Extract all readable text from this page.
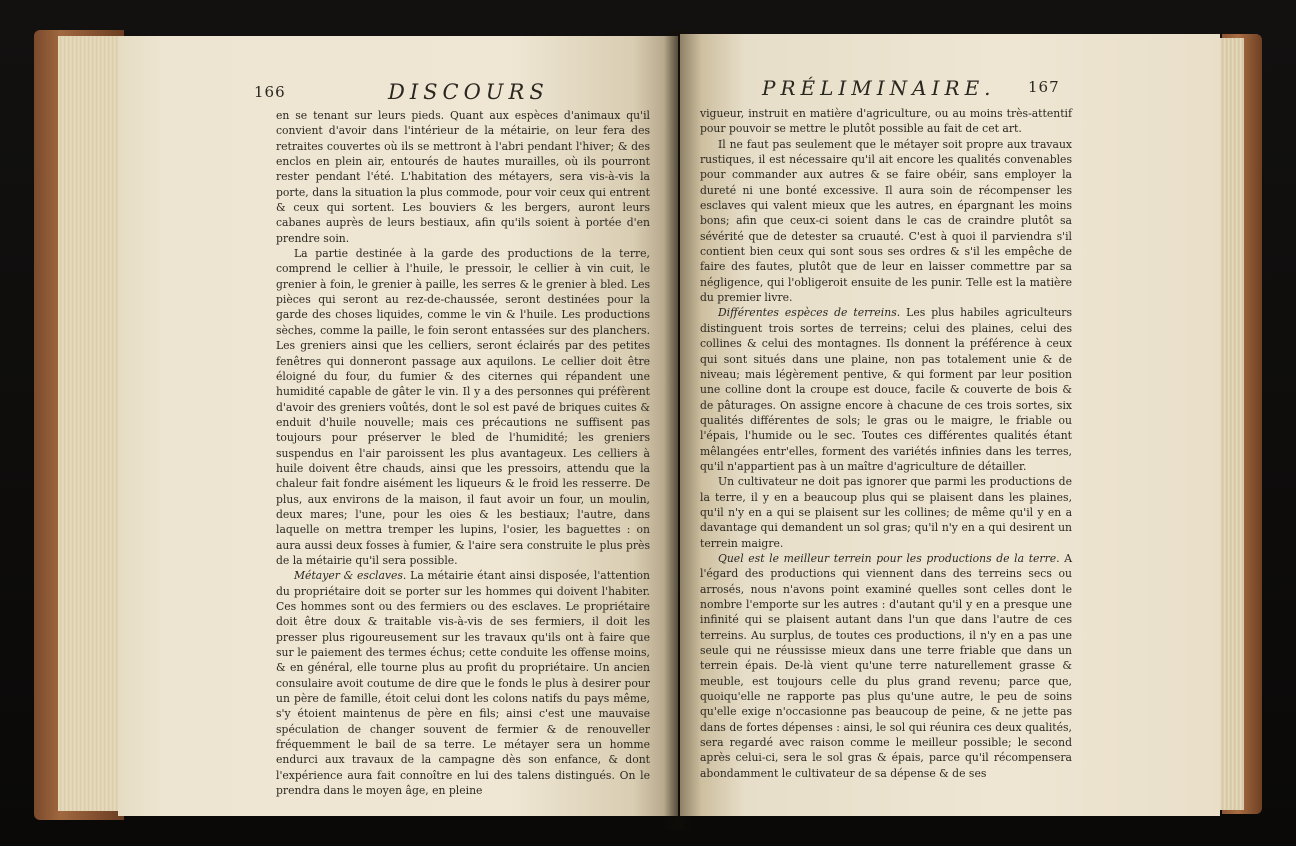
166	DISCOURS

en se tenant sur leurs pieds. Quant aux espèces d'animaux qu'il convient d'avoir dans l'intérieur de la métairie, on leur fera des retraites couvertes où ils se mettront à l'abri pendant l'hiver; & des enclos en plein air, entourés de hautes murailles, où ils pourront rester pendant l'été. L'habitation des métayers, sera vis-à-vis la porte, dans la situation la plus commode, pour voir ceux qui entrent & ceux qui sortent. Les bouviers & les bergers, auront leurs cabanes auprès de leurs bestiaux, afin qu'ils soient à portée d'en prendre soin.

La partie destinée à la garde des productions de la terre, comprend le cellier à l'huile, le pressoir, le cellier à vin cuit, le grenier à foin, le grenier à paille, les serres & le grenier à bled. Les pièces qui seront au rez-de-chaussée, seront destinées pour la garde des choses liquides, comme le vin & l'huile. Les productions sèches, comme la paille, le foin seront entassées sur des planchers. Les greniers ainsi que les celliers, seront éclairés par des petites fenêtres qui donneront passage aux aquilons. Le cellier doit être éloigné du four, du fumier & des citernes qui répandent une humidité capable de gâter le vin. Il y a des personnes qui préfèrent d'avoir des greniers voûtés, dont le sol est pavé de briques cuites & enduit d'huile nouvelle; mais ces précautions ne suffisent pas toujours pour préserver le bled de l'humidité; les greniers suspendus en l'air paroissent les plus avantageux. Les celliers à huile doivent être chauds, ainsi que les pressoirs, attendu que la chaleur fait fondre aisément les liqueurs & le froid les resserre. De plus, aux environs de la maison, il faut avoir un four, un moulin, deux mares; l'une, pour les oies & les bestiaux; l'autre, dans laquelle on mettra tremper les lupins, l'osier, les baguettes : on aura aussi deux fosses à fumier, & l'aire sera construite le plus près de la métairie qu'il sera possible.

Métayer & esclaves. La métairie étant ainsi disposée, l'attention du propriétaire doit se porter sur les hommes qui doivent l'habiter. Ces hommes sont ou des fermiers ou des esclaves. Le propriétaire doit être doux & traitable vis-à-vis de ses fermiers, il doit les presser plus rigoureusement sur les travaux qu'ils ont à faire que sur le paiement des termes échus; cette conduite les offense moins, & en général, elle tourne plus au profit du propriétaire. Un ancien consulaire avoit coutume de dire que le fonds le plus à desirer pour un père de famille, étoit celui dont les colons natifs du pays même, s'y étoient maintenus de père en fils; ainsi c'est une mauvaise spéculation de changer souvent de fermier & de renouveller fréquemment le bail de sa terre. Le métayer sera un homme endurci aux travaux de la campagne dès son enfance, & dont l'expérience aura fait connoître en lui des talens distingués. On le prendra dans le moyen âge, en pleine

PRÉLIMINAIRE. 167

vigueur, instruit en matière d'agriculture, ou au moins très-attentif pour pouvoir se mettre le plutôt possible au fait de cet art.

Il ne faut pas seulement que le métayer soit propre aux travaux rustiques, il est nécessaire qu'il ait encore les qualités convenables pour commander aux autres & se faire obéir, sans employer la dureté ni une bonté excessive. Il aura soin de récompenser les esclaves qui valent mieux que les autres, en épargnant les moins bons; afin que ceux-ci soient dans le cas de craindre plutôt sa sévérité que de detester sa cruauté. C'est à quoi il parviendra s'il contient bien ceux qui sont sous ses ordres & s'il les empêche de faire des fautes, plutôt que de leur en laisser commettre par sa négligence, qui l'obligeroit ensuite de les punir. Telle est la matière du premier livre.

Différentes espèces de terreins. Les plus habiles agriculteurs distinguent trois sortes de terreins; celui des plaines, celui des collines & celui des montagnes. Ils donnent la préférence à ceux qui sont situés dans une plaine, non pas totalement unie & de niveau; mais légèrement pentive, & qui forment par leur position une colline dont la croupe est douce, facile & couverte de bois & de pâturages. On assigne encore à chacune de ces trois sortes, six qualités différentes de sols; le gras ou le maigre, le friable ou l'épais, l'humide ou le sec. Toutes ces différentes qualités étant mêlangées entr'elles, forment des variétés infinies dans les terres, qu'il n'appartient pas à un maître d'agriculture de détailler.

Un cultivateur ne doit pas ignorer que parmi les productions de la terre, il y en a beaucoup plus qui se plaisent dans les plaines, qu'il n'y en a qui se plaisent sur les collines; de même qu'il y en a davantage qui demandent un sol gras; qu'il n'y en a qui desirent un terrein maigre.

Quel est le meilleur terrein pour les productions de la terre. A l'égard des productions qui viennent dans des terreins secs ou arrosés, nous n'avons point examiné quelles sont celles dont le nombre l'emporte sur les autres : d'autant qu'il y en a presque une infinité qui se plaisent autant dans l'un que dans l'autre de ces terreins. Au surplus, de toutes ces productions, il n'y en a pas une seule qui ne réussisse mieux dans une terre friable que dans un terrein épais. De-là vient qu'une terre naturellement grasse & meuble, est toujours celle du plus grand revenu; parce que, quoiqu'elle ne rapporte pas plus qu'une autre, le peu de soins qu'elle exige n'occasionne pas beaucoup de peine, & ne jette pas dans de fortes dépenses : ainsi, le sol qui réunira ces deux qualités, sera regardé avec raison comme le meilleur possible; le second après celui-ci, sera le sol gras & épais, parce qu'il récompensera abondamment le cultivateur de sa dépense & de ses
